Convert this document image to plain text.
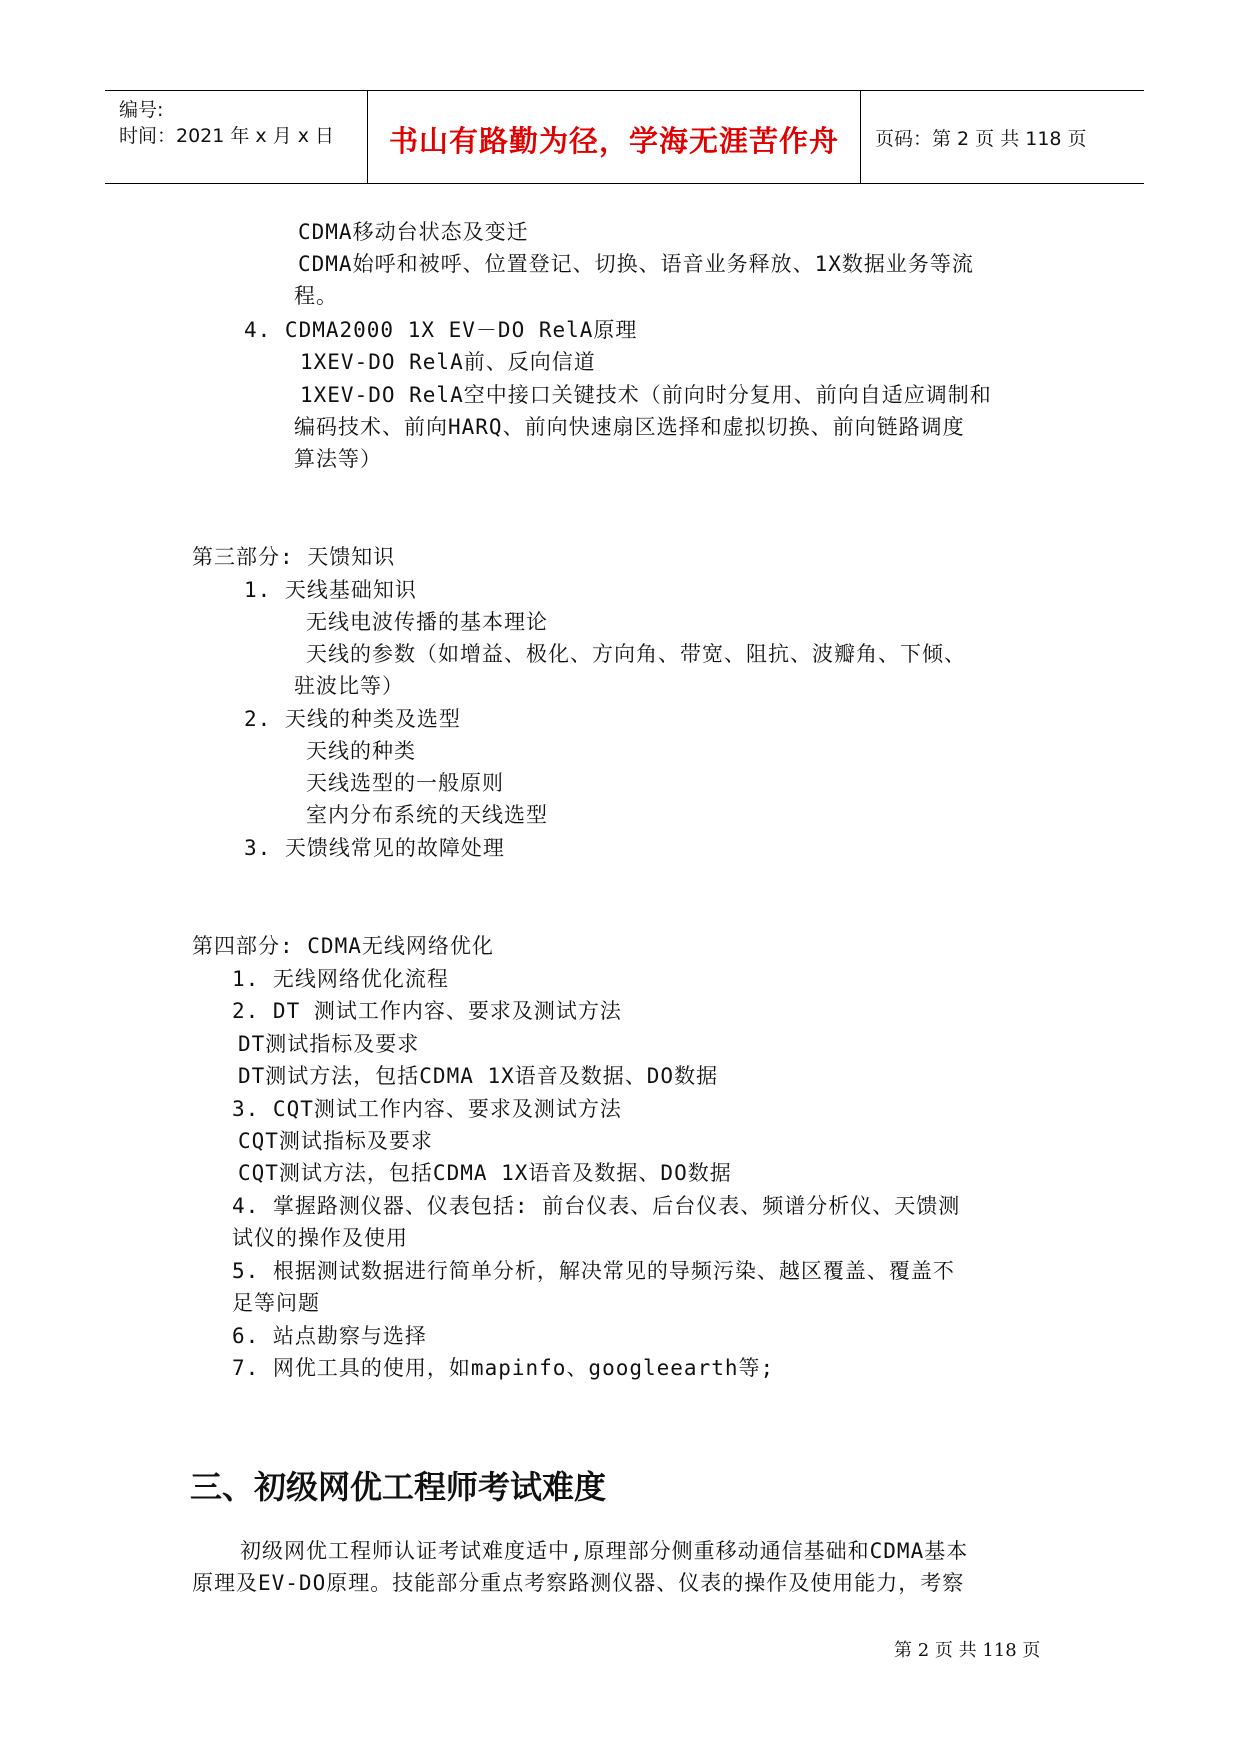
编号:
时间：2021 年 x 月 x 日	书山有路勤为径，学海无涯苦作舟	页码：第 2 页 共 118 页
CDMA移动台状态及变迁
CDMA始呼和被呼、位置登记、切换、语音业务释放、1X数据业务等流
程。
4. CDMA2000 1X EV－DO RelA原理
1XEV-DO RelA前、反向信道
1XEV-DO RelA空中接口关键技术（前向时分复用、前向自适应调制和
编码技术、前向HARQ、前向快速扇区选择和虚拟切换、前向链路调度
算法等）
第三部分: 天馈知识
1. 天线基础知识
无线电波传播的基本理论
天线的参数（如增益、极化、方向角、带宽、阻抗、波瓣角、下倾、
驻波比等）
2. 天线的种类及选型
天线的种类
天线选型的一般原则
室内分布系统的天线选型
3. 天馈线常见的故障处理
第四部分: CDMA无线网络优化
1. 无线网络优化流程
2. DT 测试工作内容、要求及测试方法
DT测试指标及要求
DT测试方法，包括CDMA 1X语音及数据、DO数据
3. CQT测试工作内容、要求及测试方法
CQT测试指标及要求
CQT测试方法，包括CDMA 1X语音及数据、DO数据
4. 掌握路测仪器、仪表包括: 前台仪表、后台仪表、频谱分析仪、天馈测
试仪的操作及使用
5. 根据测试数据进行简单分析，解决常见的导频污染、越区覆盖、覆盖不
足等问题
6. 站点勘察与选择
7. 网优工具的使用，如mapinfo、googleearth等;
三、初级网优工程师考试难度
初级网优工程师认证考试难度适中,原理部分侧重移动通信基础和CDMA基本
原理及EV-DO原理。技能部分重点考察路测仪器、仪表的操作及使用能力，考察
第 2 页 共 118 页
